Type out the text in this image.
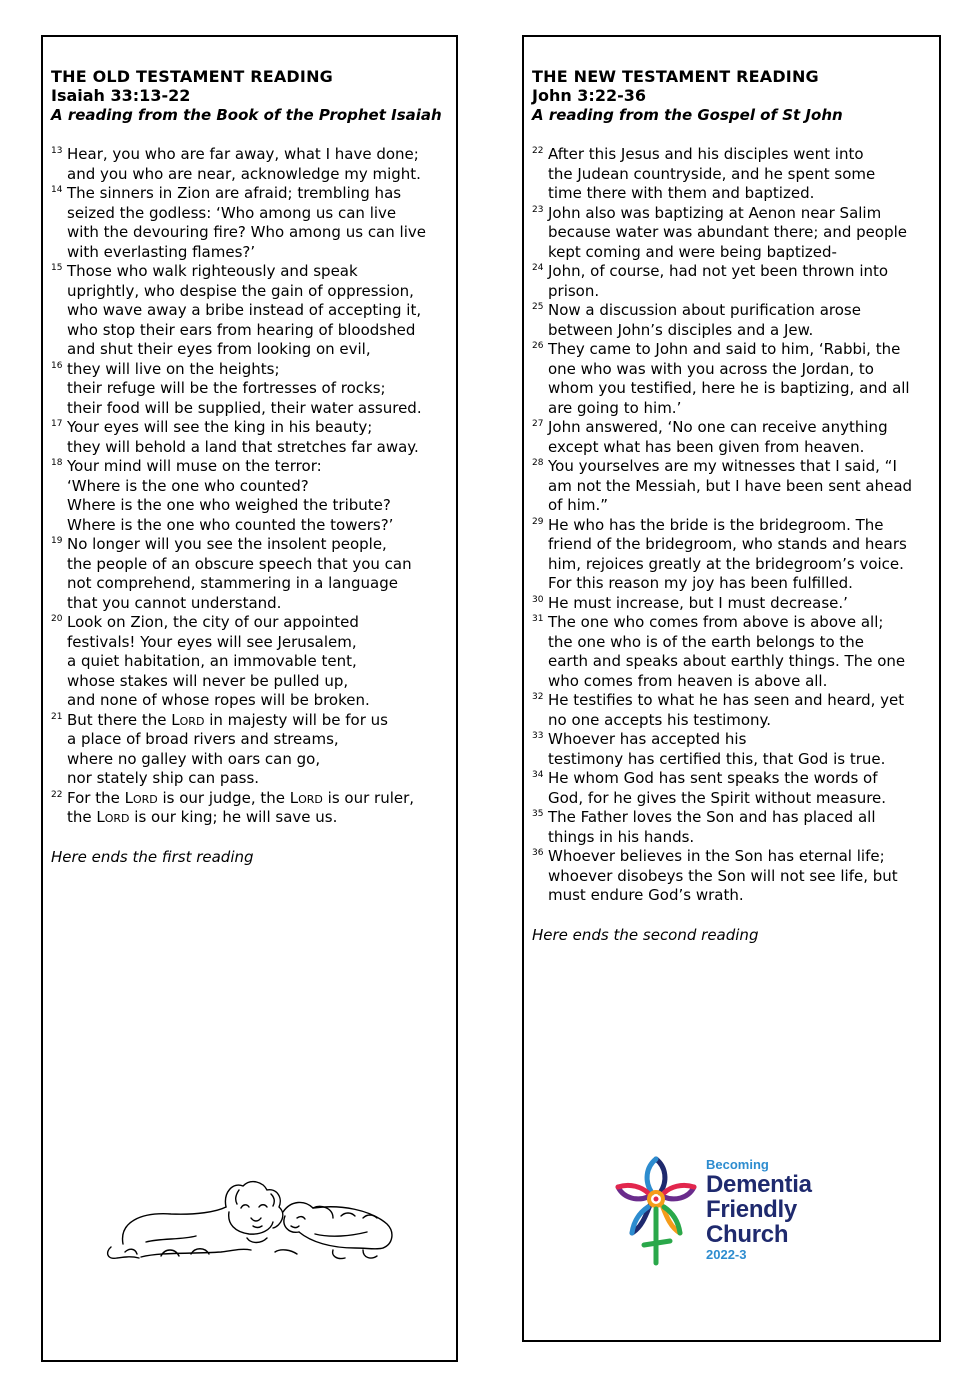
THE OLD TESTAMENT READING
Isaiah 33:13-22
A reading from the Book of the Prophet Isaiah
13 Hear, you who are far away, what I have done;
and you who are near, acknowledge my might.
14 The sinners in Zion are afraid; trembling has
seized the godless: ‘Who among us can live
with the devouring fire? Who among us can live
with everlasting flames?’
15 Those who walk righteously and speak
uprightly, who despise the gain of oppression,
who wave away a bribe instead of accepting it,
who stop their ears from hearing of bloodshed
and shut their eyes from looking on evil,
16 they will live on the heights;
their refuge will be the fortresses of rocks;
their food will be supplied, their water assured.
17 Your eyes will see the king in his beauty;
they will behold a land that stretches far away.
18 Your mind will muse on the terror:
‘Where is the one who counted?
Where is the one who weighed the tribute?
Where is the one who counted the towers?’
19 No longer will you see the insolent people,
the people of an obscure speech that you can
not comprehend, stammering in a language
that you cannot understand.
20 Look on Zion, the city of our appointed
festivals! Your eyes will see Jerusalem,
a quiet habitation, an immovable tent,
whose stakes will never be pulled up,
and none of whose ropes will be broken.
21 But there the Lord in majesty will be for us
a place of broad rivers and streams,
where no galley with oars can go,
nor stately ship can pass.
22 For the Lord is our judge, the Lord is our ruler,
the Lord is our king; he will save us.
Here ends the first reading
THE NEW TESTAMENT READING
John 3:22-36
A reading from the Gospel of St John
22 After this Jesus and his disciples went into
the Judean countryside, and he spent some
time there with them and baptized.
23 John also was baptizing at Aenon near Salim
because water was abundant there; and people
kept coming and were being baptized-
24 John, of course, had not yet been thrown into
prison.
25 Now a discussion about purification arose
between John’s disciples and a Jew.
26 They came to John and said to him, ‘Rabbi, the
one who was with you across the Jordan, to
whom you testified, here he is baptizing, and all
are going to him.’
27 John answered, ‘No one can receive anything
except what has been given from heaven.
28 You yourselves are my witnesses that I said, “I
am not the Messiah, but I have been sent ahead
of him.”
29 He who has the bride is the bridegroom. The
friend of the bridegroom, who stands and hears
him, rejoices greatly at the bridegroom’s voice.
For this reason my joy has been fulfilled.
30 He must increase, but I must decrease.’
31 The one who comes from above is above all;
the one who is of the earth belongs to the
earth and speaks about earthly things. The one
who comes from heaven is above all.
32 He testifies to what he has seen and heard, yet
no one accepts his testimony.
33 Whoever has accepted his
testimony has certified this, that God is true.
34 He whom God has sent speaks the words of
God, for he gives the Spirit without measure.
35 The Father loves the Son and has placed all
things in his hands.
36 Whoever believes in the Son has eternal life;
whoever disobeys the Son will not see life, but
must endure God’s wrath.
Here ends the second reading
Becoming
Dementia
Friendly
Church
2022-3
